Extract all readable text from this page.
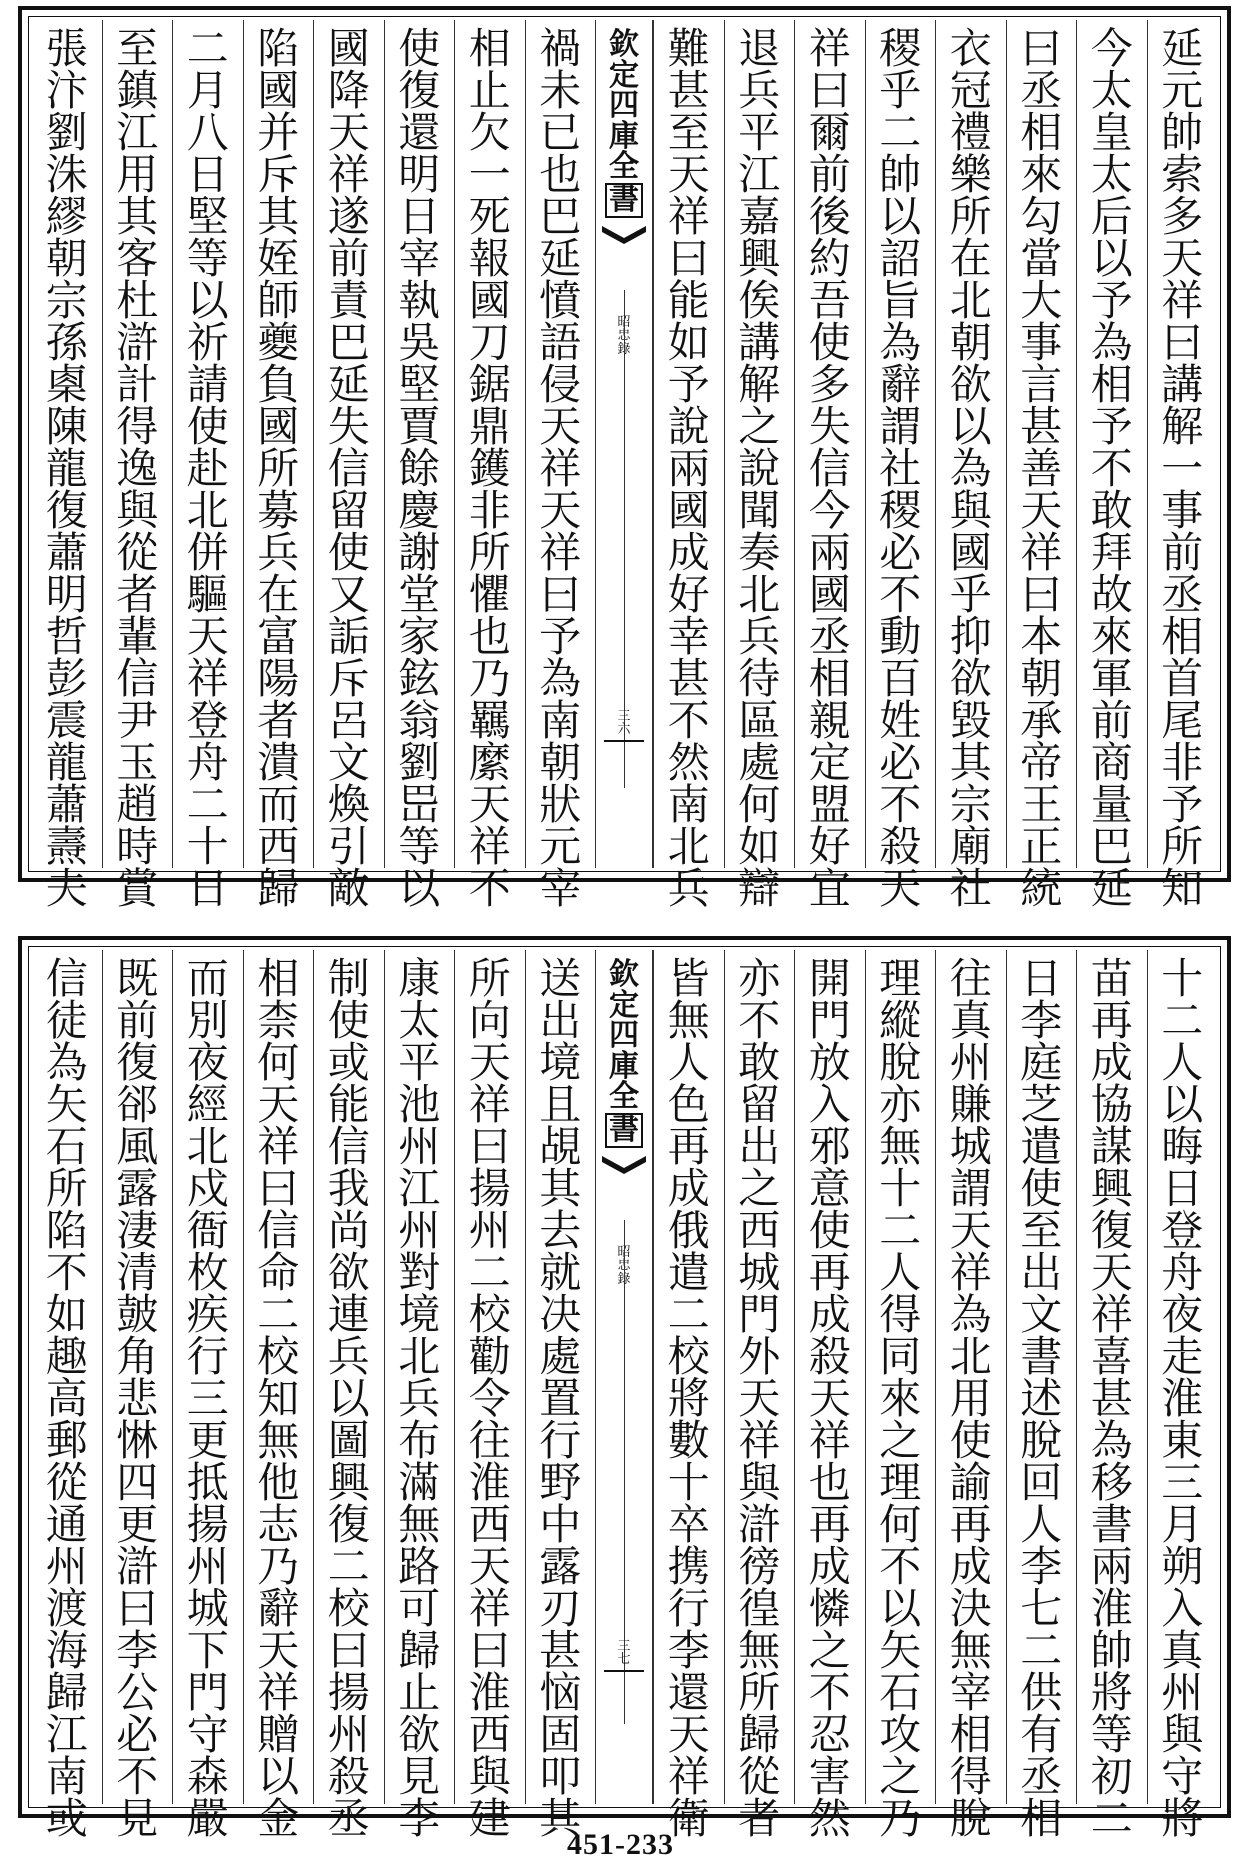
延
元
帥
索
多
天
祥
曰
講
解
一
事
前
丞
相
首
尾
非
予
所
知
今
太
皇
太
后
以
予
為
相
予
不
敢
拜
故
來
軍
前
商
量
巴
延
曰
丞
相
來
勾
當
大
事
言
甚
善
天
祥
曰
本
朝
承
帝
王
正
統
衣
冠
禮
樂
所
在
北
朝
欲
以
為
與
國
乎
抑
欲
毀
其
宗
廟
社
稷
乎
二
帥
以
詔
旨
為
辭
謂
社
稷
必
不
動
百
姓
必
不
殺
天
祥
曰
爾
前
後
約
吾
使
多
失
信
今
兩
國
丞
相
親
定
盟
好
宜
退
兵
平
江
嘉
興
俟
講
解
之
說
聞
奏
北
兵
待
區
處
何
如
辯
難
甚
至
天
祥
曰
能
如
予
說
兩
國
成
好
幸
甚
不
然
南
北
兵
欽
定
四
庫
全
書
昭
忠
錄
三
六
禍
未
已
也
巴
延
憤
語
侵
天
祥
天
祥
曰
予
為
南
朝
狀
元
宰
相
止
欠
一
死
報
國
刀
鋸
鼎
鑊
非
所
懼
也
乃
羈
縻
天
祥
不
使
復
還
明
日
宰
執
吳
堅
賈
餘
慶
謝
堂
家
鉉
翁
劉
岊
等
以
國
降
天
祥
遂
前
責
巴
延
失
信
留
使
又
詬
斥
呂
文
煥
引
敵
陷
國
并
斥
其
姪
師
夔
負
國
所
募
兵
在
富
陽
者
潰
而
西
歸
二
月
八
日
堅
等
以
祈
請
使
赴
北
併
驅
天
祥
登
舟
二
十
日
至
鎮
江
用
其
客
杜
滸
計
得
逸
與
從
者
輩
信
尹
玉
趙
時
賞
張
汴
劉
洙
繆
朝
宗
孫
㮚
陳
龍
復
蕭
明
哲
彭
震
龍
蕭
燾
夫
十
二
人
以
晦
日
登
舟
夜
走
淮
東
三
月
朔
入
真
州
與
守
將
苗
再
成
協
謀
興
復
天
祥
喜
甚
為
移
書
兩
淮
帥
將
等
初
二
日
李
庭
芝
遣
使
至
出
文
書
述
脫
回
人
李
七
二
供
有
丞
相
往
真
州
賺
城
謂
天
祥
為
北
用
使
諭
再
成
決
無
宰
相
得
脫
理
縱
脫
亦
無
十
二
人
得
同
來
之
理
何
不
以
矢
石
攻
之
乃
開
門
放
入
邪
意
使
再
成
殺
天
祥
也
再
成
憐
之
不
忍
害
然
亦
不
敢
留
出
之
西
城
門
外
天
祥
與
滸
徬
徨
無
所
歸
從
者
皆
無
人
色
再
成
俄
遣
二
校
將
數
十
卒
携
行
李
還
天
祥
衛
欽
定
四
庫
全
書
昭
忠
錄
三
七
送
出
境
且
覘
其
去
就
决
處
置
行
野
中
露
刃
甚
恼
固
叩
其
所
向
天
祥
曰
揚
州
二
校
勸
令
往
淮
西
天
祥
曰
淮
西
與
建
康
太
平
池
州
江
州
對
境
北
兵
布
滿
無
路
可
歸
止
欲
見
李
制
使
或
能
信
我
尚
欲
連
兵
以
圖
興
復
二
校
曰
揚
州
殺
丞
相
柰
何
天
祥
曰
信
命
二
校
知
無
他
志
乃
辭
天
祥
贈
以
金
而
別
夜
經
北
戍
衙
枚
疾
行
三
更
抵
揚
州
城
下
門
守
森
嚴
既
前
復
郤
風
露
淒
清
皷
角
悲
惏
四
更
滸
曰
李
公
必
不
見
信
徒
為
矢
石
所
陷
不
如
趣
高
郵
從
通
州
渡
海
歸
江
南
或
451-233
